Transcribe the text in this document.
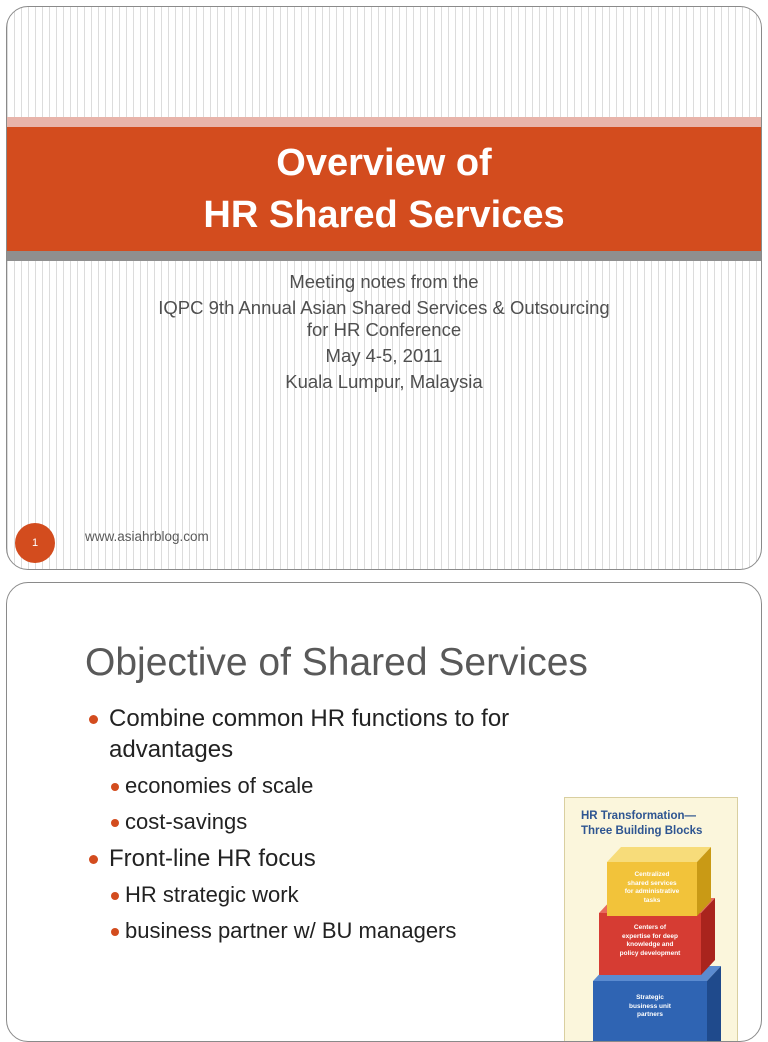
Overview of
HR Shared Services
Meeting notes from the
IQPC 9th Annual Asian Shared Services & Outsourcing
for HR Conference
May 4-5, 2011
Kuala Lumpur, Malaysia
1	www.asiahrblog.com
Objective of Shared Services
Combine common HR functions to for advantages
economies of scale
cost-savings
Front-line HR focus
HR strategic work
business partner w/ BU managers
HR Transformation—
Three Building Blocks
Centralized
shared services
for administrative
tasks
Centers of
expertise for deep
knowledge and
policy development
Strategic
business unit
partners
